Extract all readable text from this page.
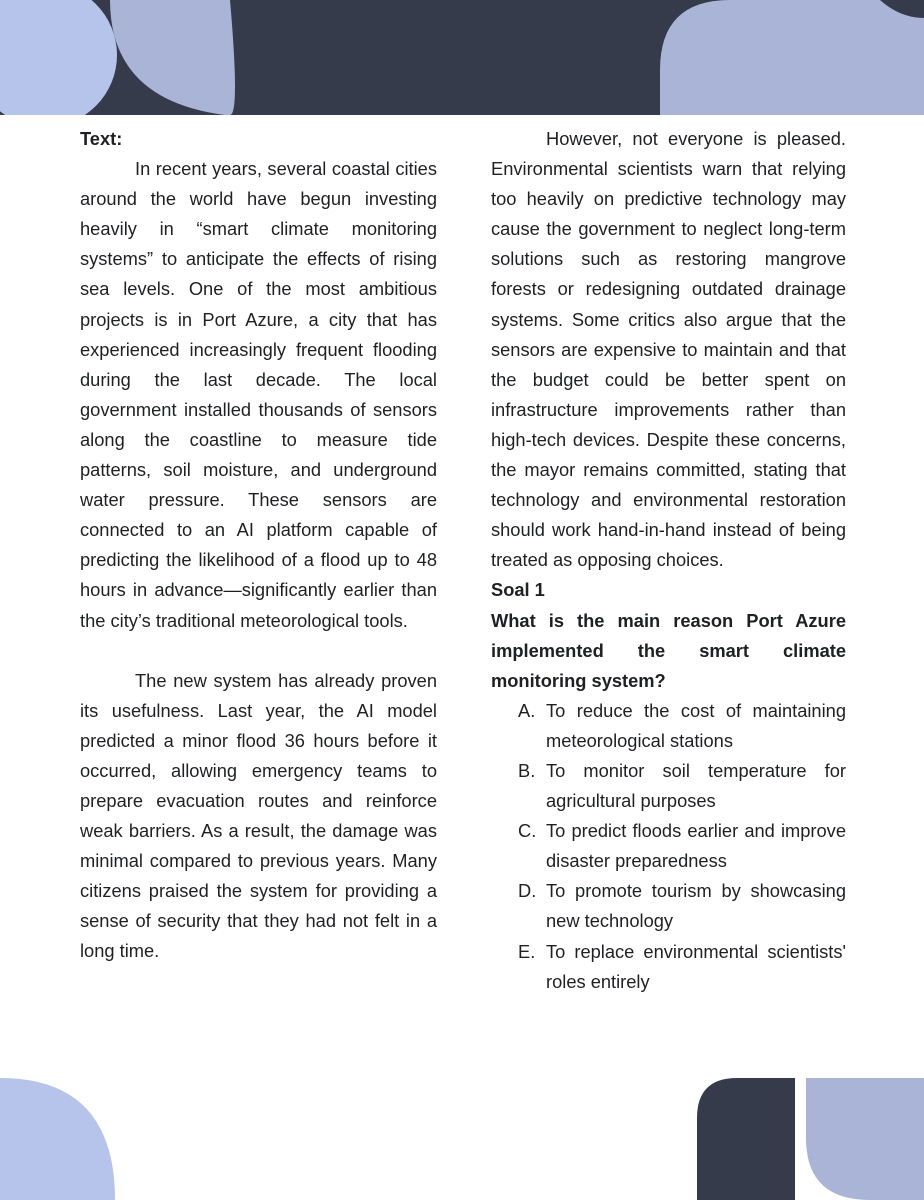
Text:

In recent years, several coastal cities around the world have begun investing heavily in “smart climate monitoring systems” to anticipate the effects of rising sea levels. One of the most ambitious projects is in Port Azure, a city that has experienced increasingly frequent flooding during the last decade. The local government installed thousands of sensors along the coastline to measure tide patterns, soil moisture, and underground water pressure. These sensors are connected to an AI platform capable of predicting the likelihood of a flood up to 48 hours in advance—significantly earlier than the city’s traditional meteorological tools.

The new system has already proven its usefulness. Last year, the AI model predicted a minor flood 36 hours before it occurred, allowing emergency teams to prepare evacuation routes and reinforce weak barriers. As a result, the damage was minimal compared to previous years. Many citizens praised the system for providing a sense of security that they had not felt in a long time.

However, not everyone is pleased. Environmental scientists warn that relying too heavily on predictive technology may cause the government to neglect long-term solutions such as restoring mangrove forests or redesigning outdated drainage systems. Some critics also argue that the sensors are expensive to maintain and that the budget could be better spent on infrastructure improvements rather than high-tech devices. Despite these concerns, the mayor remains committed, stating that technology and environmental restoration should work hand-in-hand instead of being treated as opposing choices.

Soal 1

What is the main reason Port Azure implemented the smart climate monitoring system?

A. To reduce the cost of maintaining meteorological stations
B. To monitor soil temperature for agricultural purposes
C. To predict floods earlier and improve disaster preparedness
D. To promote tourism by showcasing new technology
E. To replace environmental scientists' roles entirely
